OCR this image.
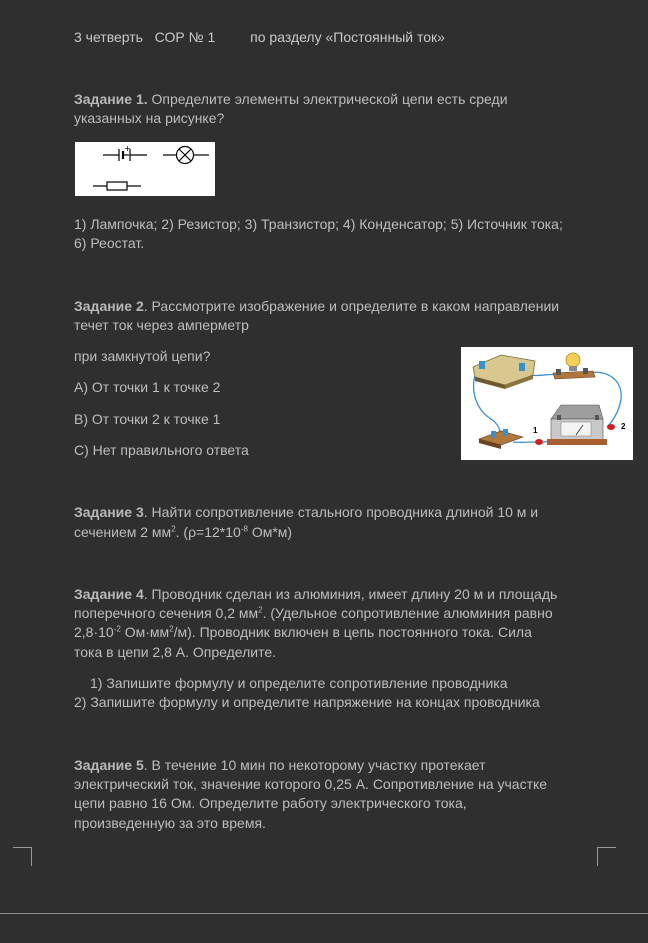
3 четверть СОР № 1 по разделу «Постоянный ток»
Задание 1. Определите элементы электрической цепи есть среди
указанных на рисунке?
+
1) Лампочка; 2) Резистор; 3) Транзистор; 4) Конденсатор; 5) Источник тока;
6) Реостат.
Задание 2. Рассмотрите изображение и определите в каком направлении
течет ток через амперметр
при замкнутой цепи?
А) От точки 1 к точке 2
В) От точки 2 к точке 1
С) Нет правильного ответа
1	2
Задание 3. Найти сопротивление стального проводника длиной 10 м и
сечением 2 $мм^2$. ($\rho=12*10^{-8}$ Ом*м)
Задание 4. Проводник сделан из алюминия, имеет длину 20 м и площадь
поперечного сечения 0,2 $мм^2$. (Удельное сопротивление алюминия равно
$2,8\cdot 10^{-2}$ $Ом\cdot мм^2/м$). Проводник включен в цепь постоянного тока. Сила
тока в цепи 2,8 А. Определите.
1) Запишите формулу и определите сопротивление проводника
2) Запишите формулу и определите напряжение на концах проводника
Задание 5. В течение 10 мин по некоторому участку протекает
электрический ток, значение которого 0,25 А. Сопротивление на участке
цепи равно 16 Ом. Определите работу электрического тока,
произведенную за это время.
